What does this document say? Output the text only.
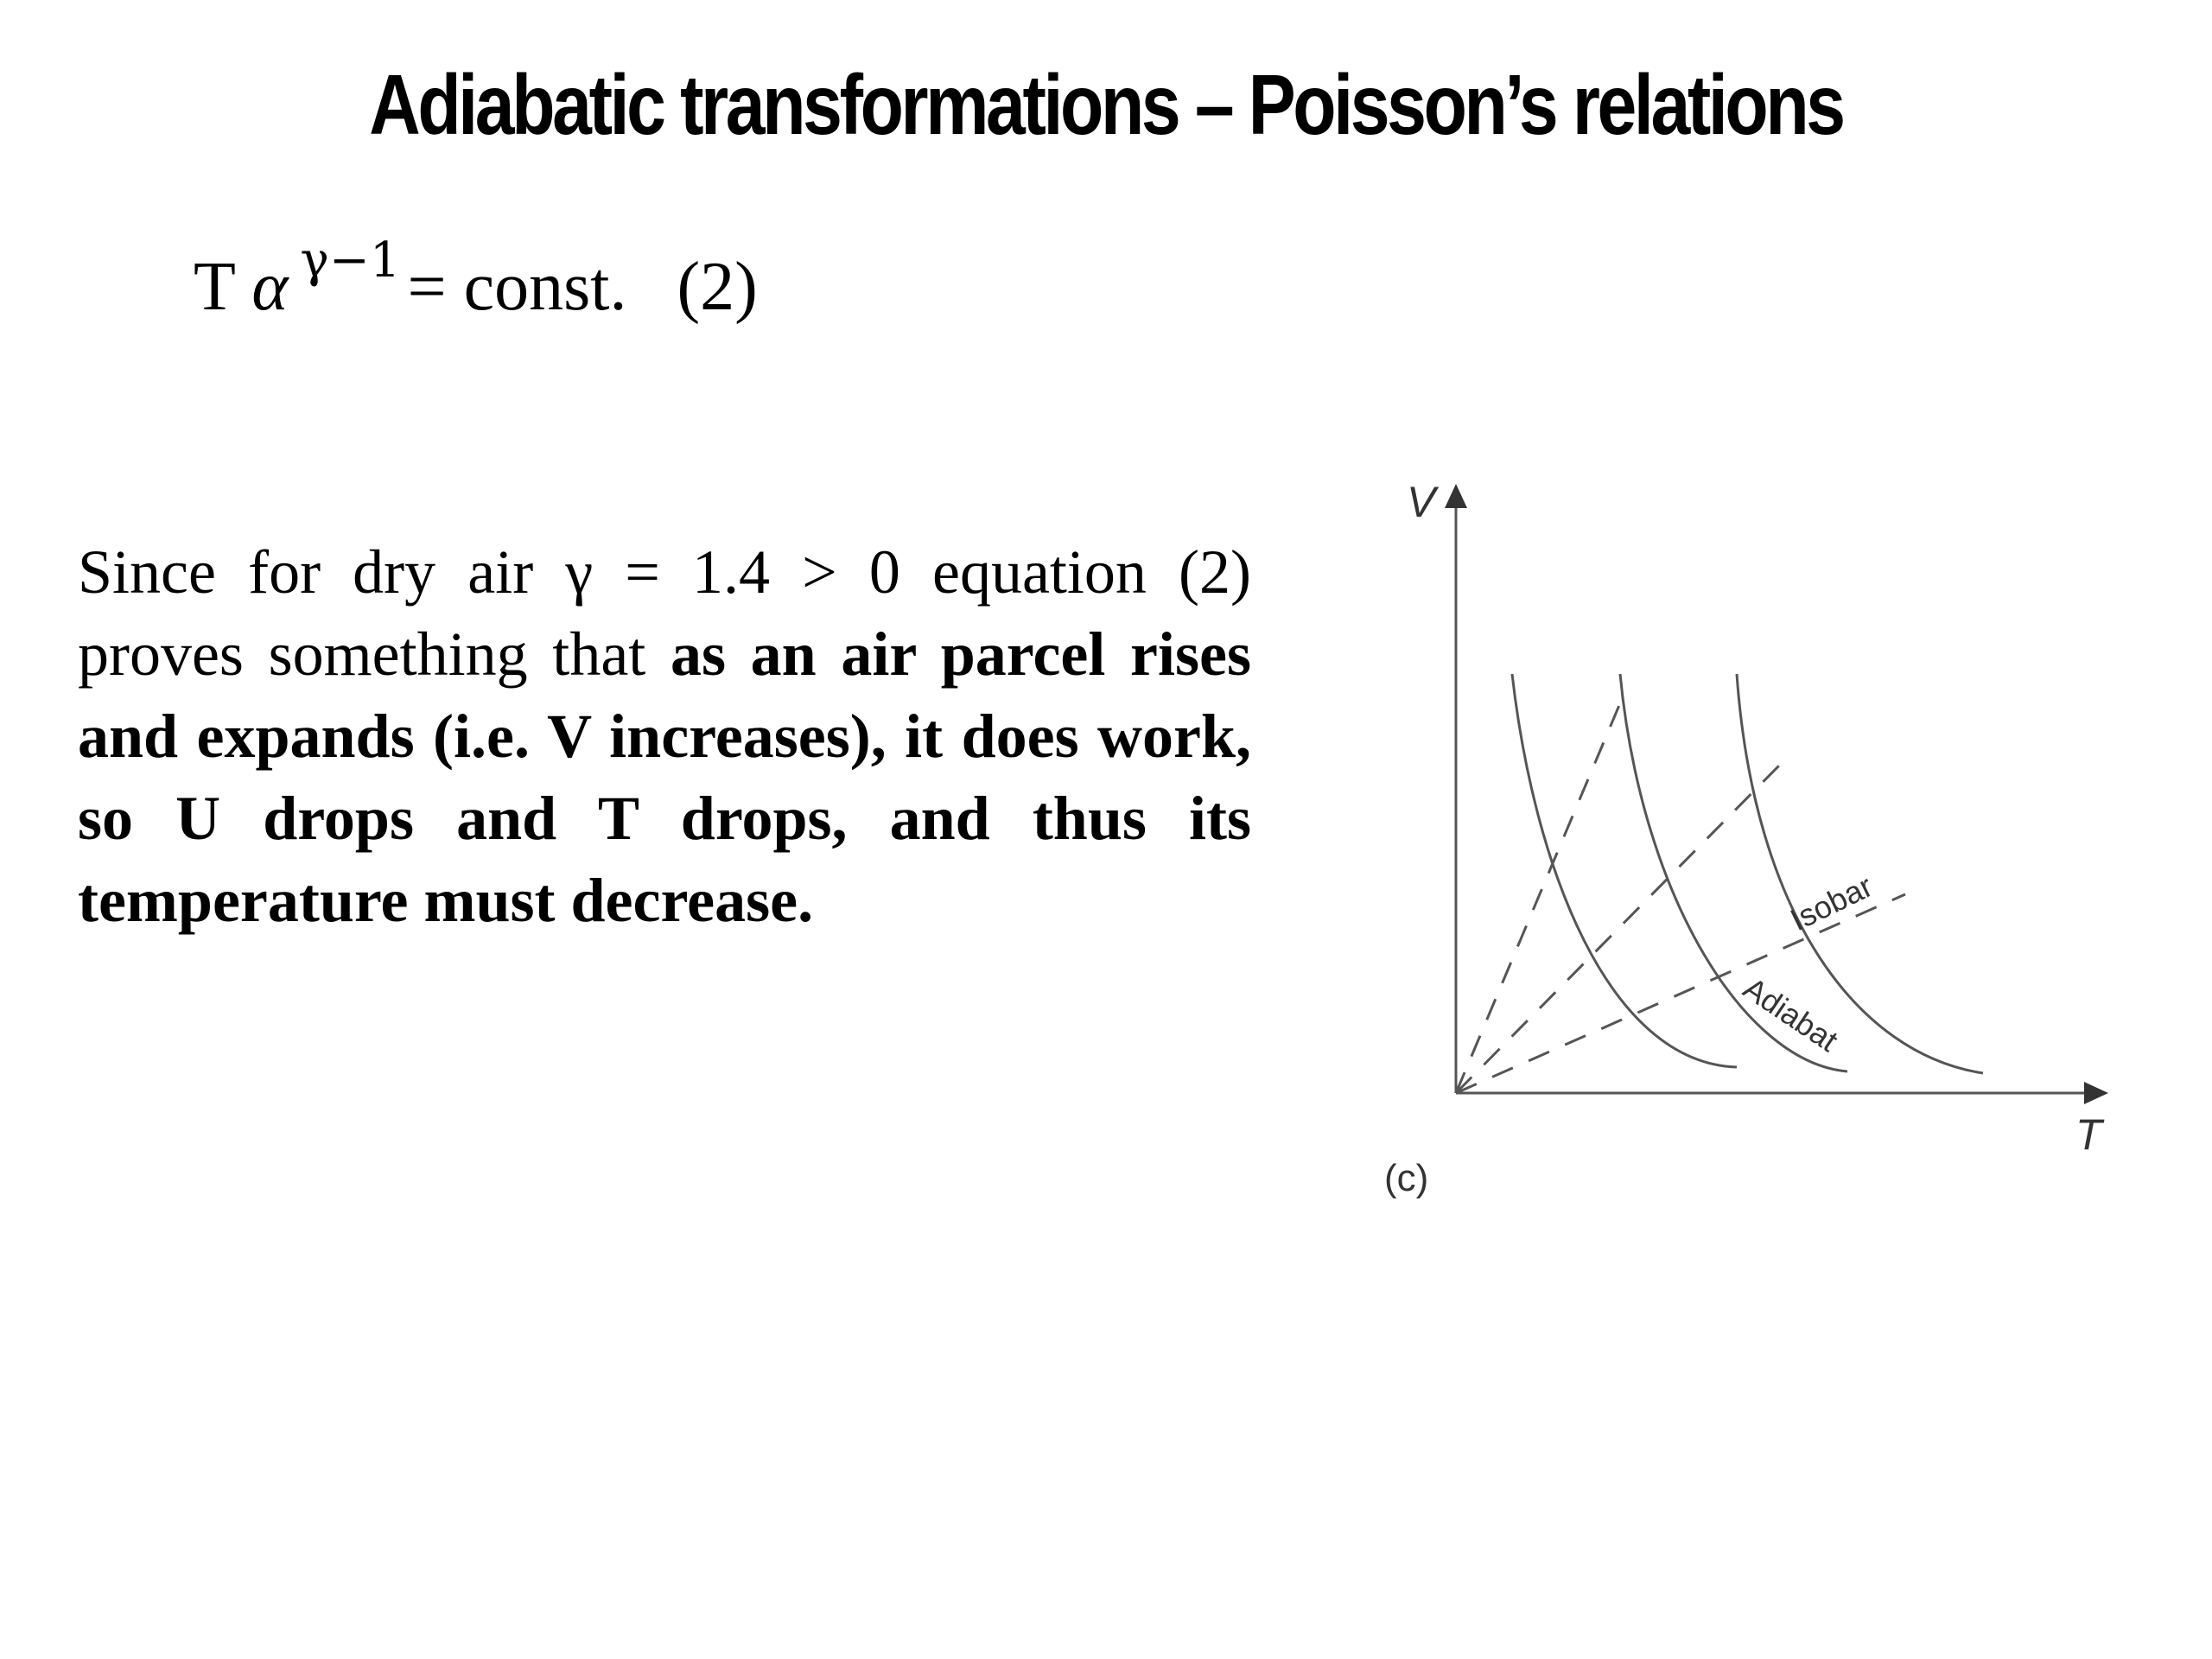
Adiabatic transformations – Poisson’s relations
T α $^{\gamma-1}$ = const. (2)
Since for dry air γ = 1.4 > 0 equation (2) proves something that as an air parcel rises and expands (i.e. V increases), it does work, so U drops and T drops, and thus its temperature must decrease.
V
T
Isobar
Adiabat
(c)
